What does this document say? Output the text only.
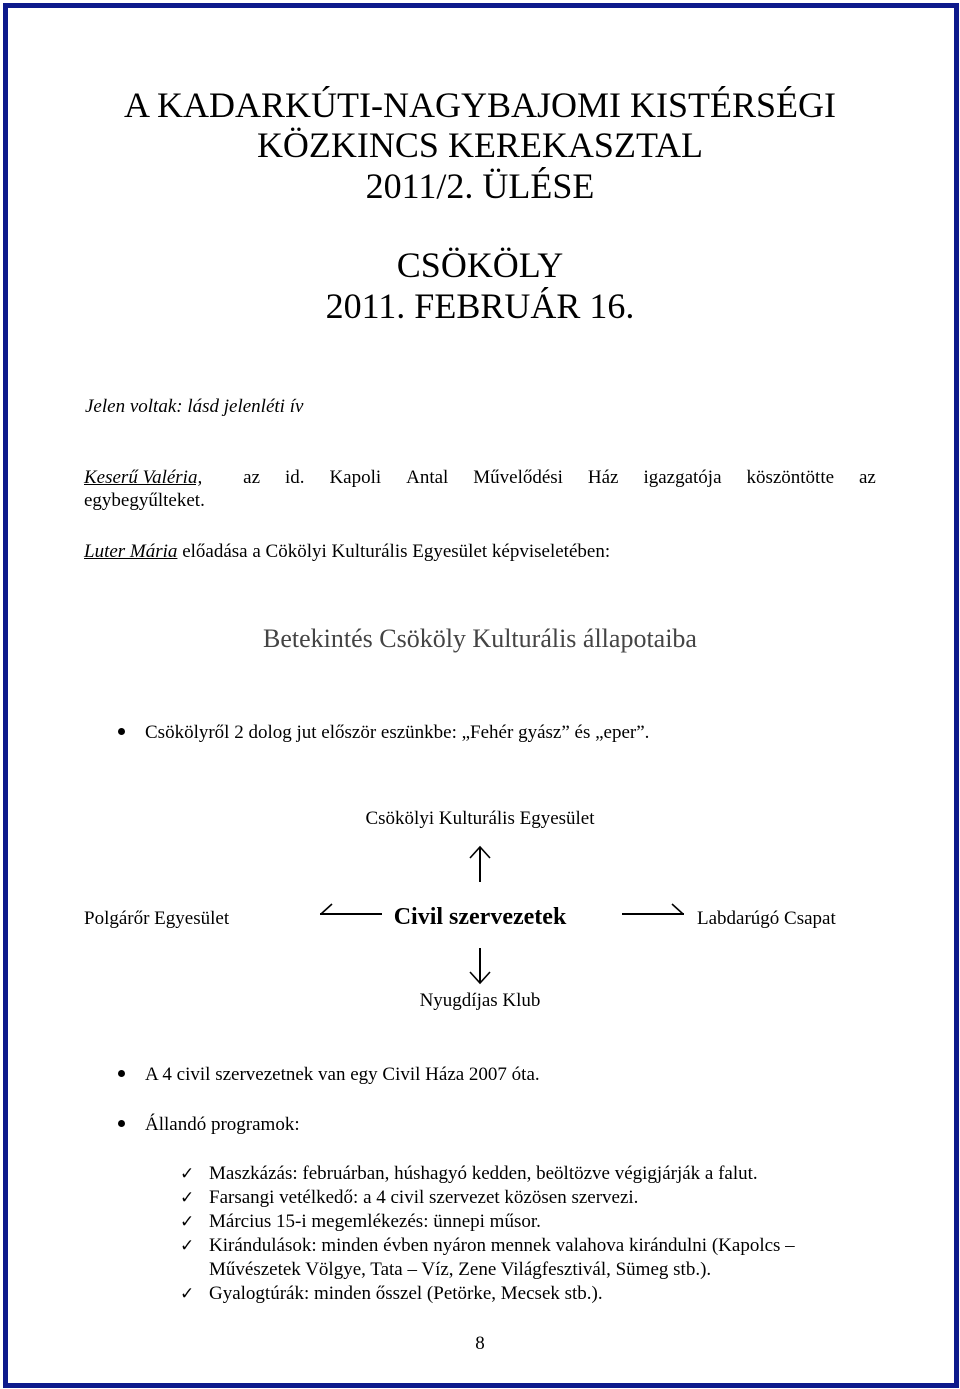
A KADARKÚTI-NAGYBAJOMI KISTÉRSÉGI
KÖZKINCS KEREKASZTAL
2011/2. ÜLÉSE
CSÖKÖLY
2011. FEBRUÁR 16.
Jelen voltak: lásd jelenléti ív
Keserű Valéria, az id. Kapoli Antal Művelődési Ház igazgatója köszöntötte az
egybegyűlteket.
Luter Mária előadása a Cökölyi Kulturális Egyesület képviseletében:
Betekintés Csököly Kulturális állapotaiba
Csökölyről 2 dolog jut először eszünkbe: „Fehér gyász” és „eper”.
Csökölyi Kulturális Egyesület
Polgárőr Egyesület	Civil szervezetek	Labdarúgó Csapat
Nyugdíjas Klub
A 4 civil szervezetnek van egy Civil Háza 2007 óta.
Állandó programok:
✓ Maszkázás: februárban, húshagyó kedden, beöltözve végigjárják a falut.
✓ Farsangi vetélkedő: a 4 civil szervezet közösen szervezi.
✓ Március 15-i megemlékezés: ünnepi műsor.
✓ Kirándulások: minden évben nyáron mennek valahova kirándulni (Kapolcs – Művészetek Völgye, Tata – Víz, Zene Világfesztivál, Sümeg stb.).
✓ Gyalogtúrák: minden ősszel (Petörke, Mecsek stb.).
8
